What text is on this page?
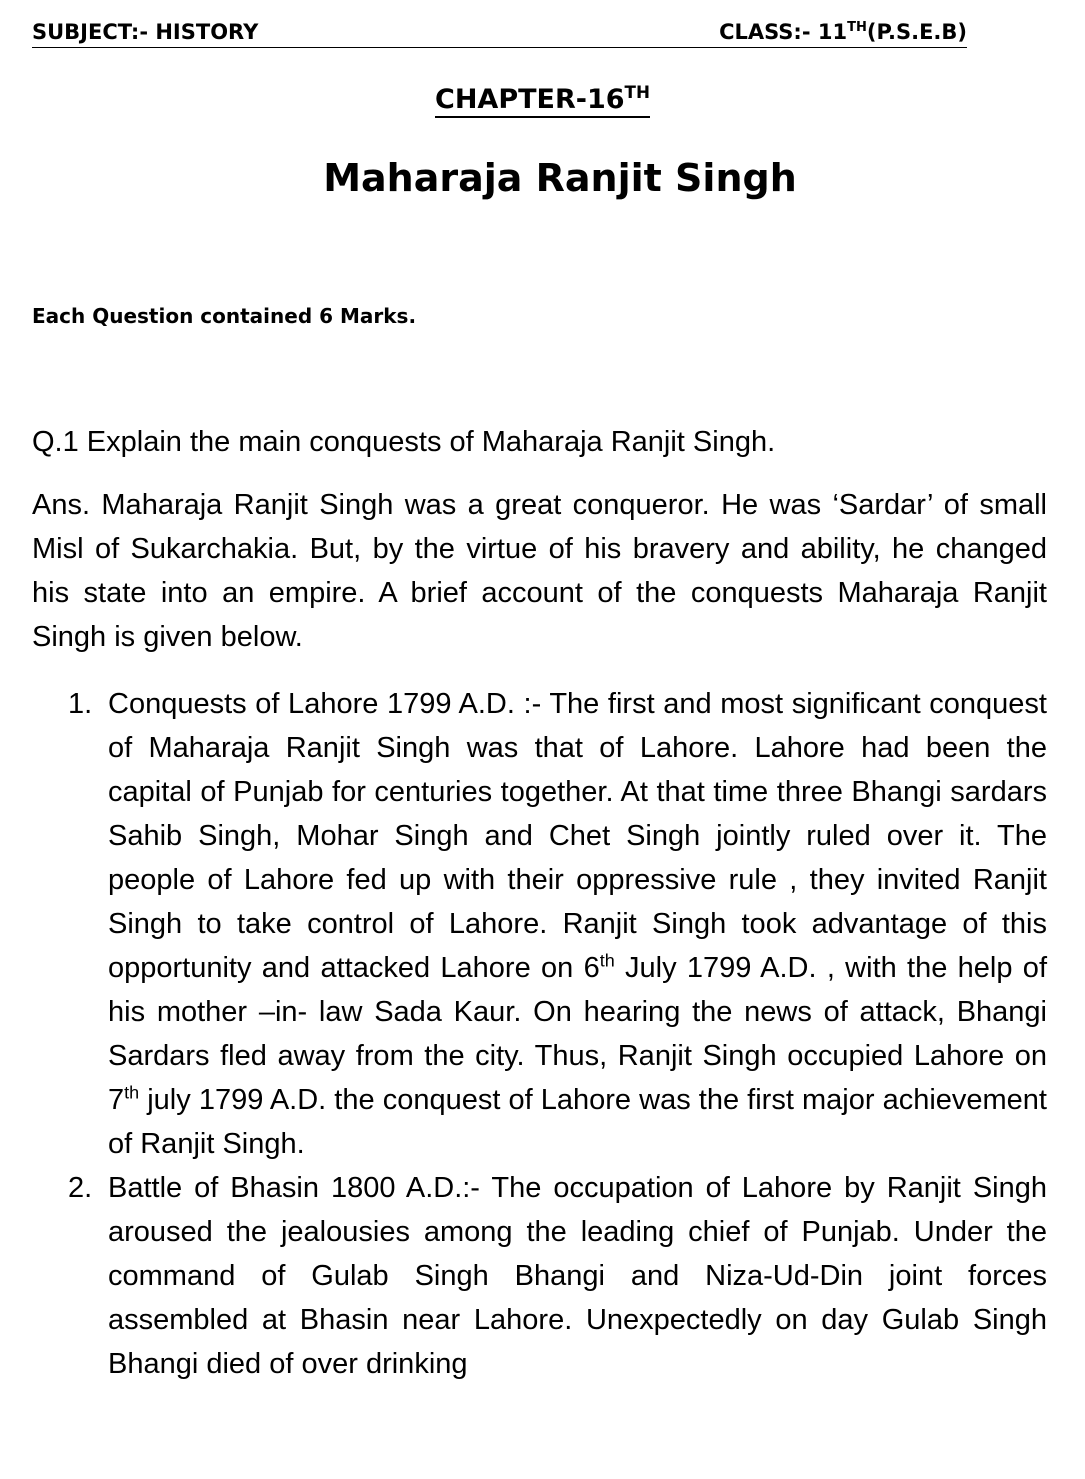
SUBJECT:- HISTORY	CLASS:- 11TH(P.S.E.B)
CHAPTER-16TH
Maharaja Ranjit Singh
Each Question contained 6 Marks.
Q.1 Explain the main conquests of Maharaja Ranjit Singh.
Ans. Maharaja Ranjit Singh was a great conqueror. He was ‘Sardar’ of small Misl of Sukarchakia. But, by the virtue of his bravery and ability, he changed his state into an empire. A brief account of the conquests Maharaja Ranjit Singh is given below.
1. Conquests of Lahore 1799 A.D. :- The first and most significant conquest of Maharaja Ranjit Singh was that of Lahore. Lahore had been the capital of Punjab for centuries together. At that time three Bhangi sardars Sahib Singh, Mohar Singh and Chet Singh jointly ruled over it. The people of Lahore fed up with their oppressive rule , they invited Ranjit Singh to take control of Lahore. Ranjit Singh took advantage of this opportunity and attacked Lahore on 6th July 1799 A.D. , with the help of his mother –in- law Sada Kaur. On hearing the news of attack, Bhangi Sardars fled away from the city. Thus, Ranjit Singh occupied Lahore on 7th july 1799 A.D. the conquest of Lahore was the first major achievement of Ranjit Singh.
2. Battle of Bhasin 1800 A.D.:- The occupation of Lahore by Ranjit Singh aroused the jealousies among the leading chief of Punjab. Under the command of Gulab Singh Bhangi and Niza-Ud-Din joint forces assembled at Bhasin near Lahore. Unexpectedly on day Gulab Singh Bhangi died of over drinking
